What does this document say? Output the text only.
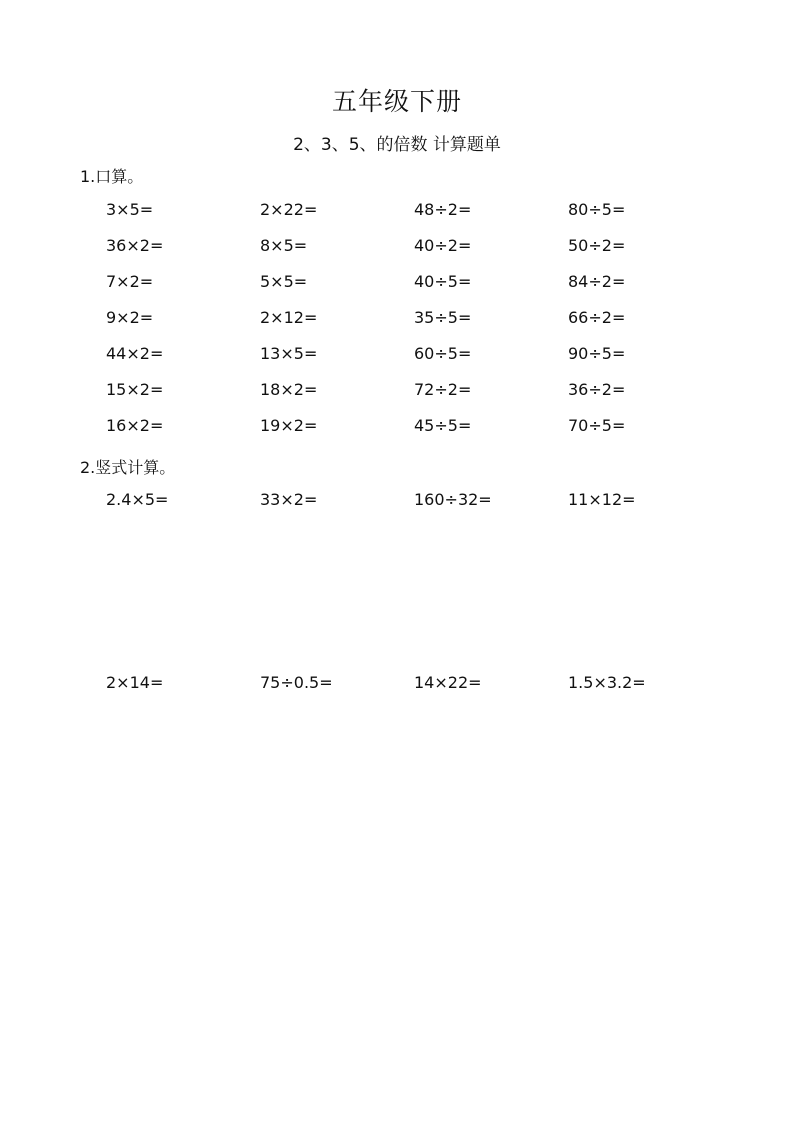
五年级下册
2、3、5、的倍数 计算题单
1.口算。
3×5=	2×22=	48÷2=	80÷5=
36×2=	8×5=	40÷2=	50÷2=
7×2=	5×5=	40÷5=	84÷2=
9×2=	2×12=	35÷5=	66÷2=
44×2=	13×5=	60÷5=	90÷5=
15×2=	18×2=	72÷2=	36÷2=
16×2=	19×2=	45÷5=	70÷5=
2.竖式计算。
2.4×5=	33×2=	160÷32=	11×12=
2×14=	75÷0.5=	14×22=	1.5×3.2=
